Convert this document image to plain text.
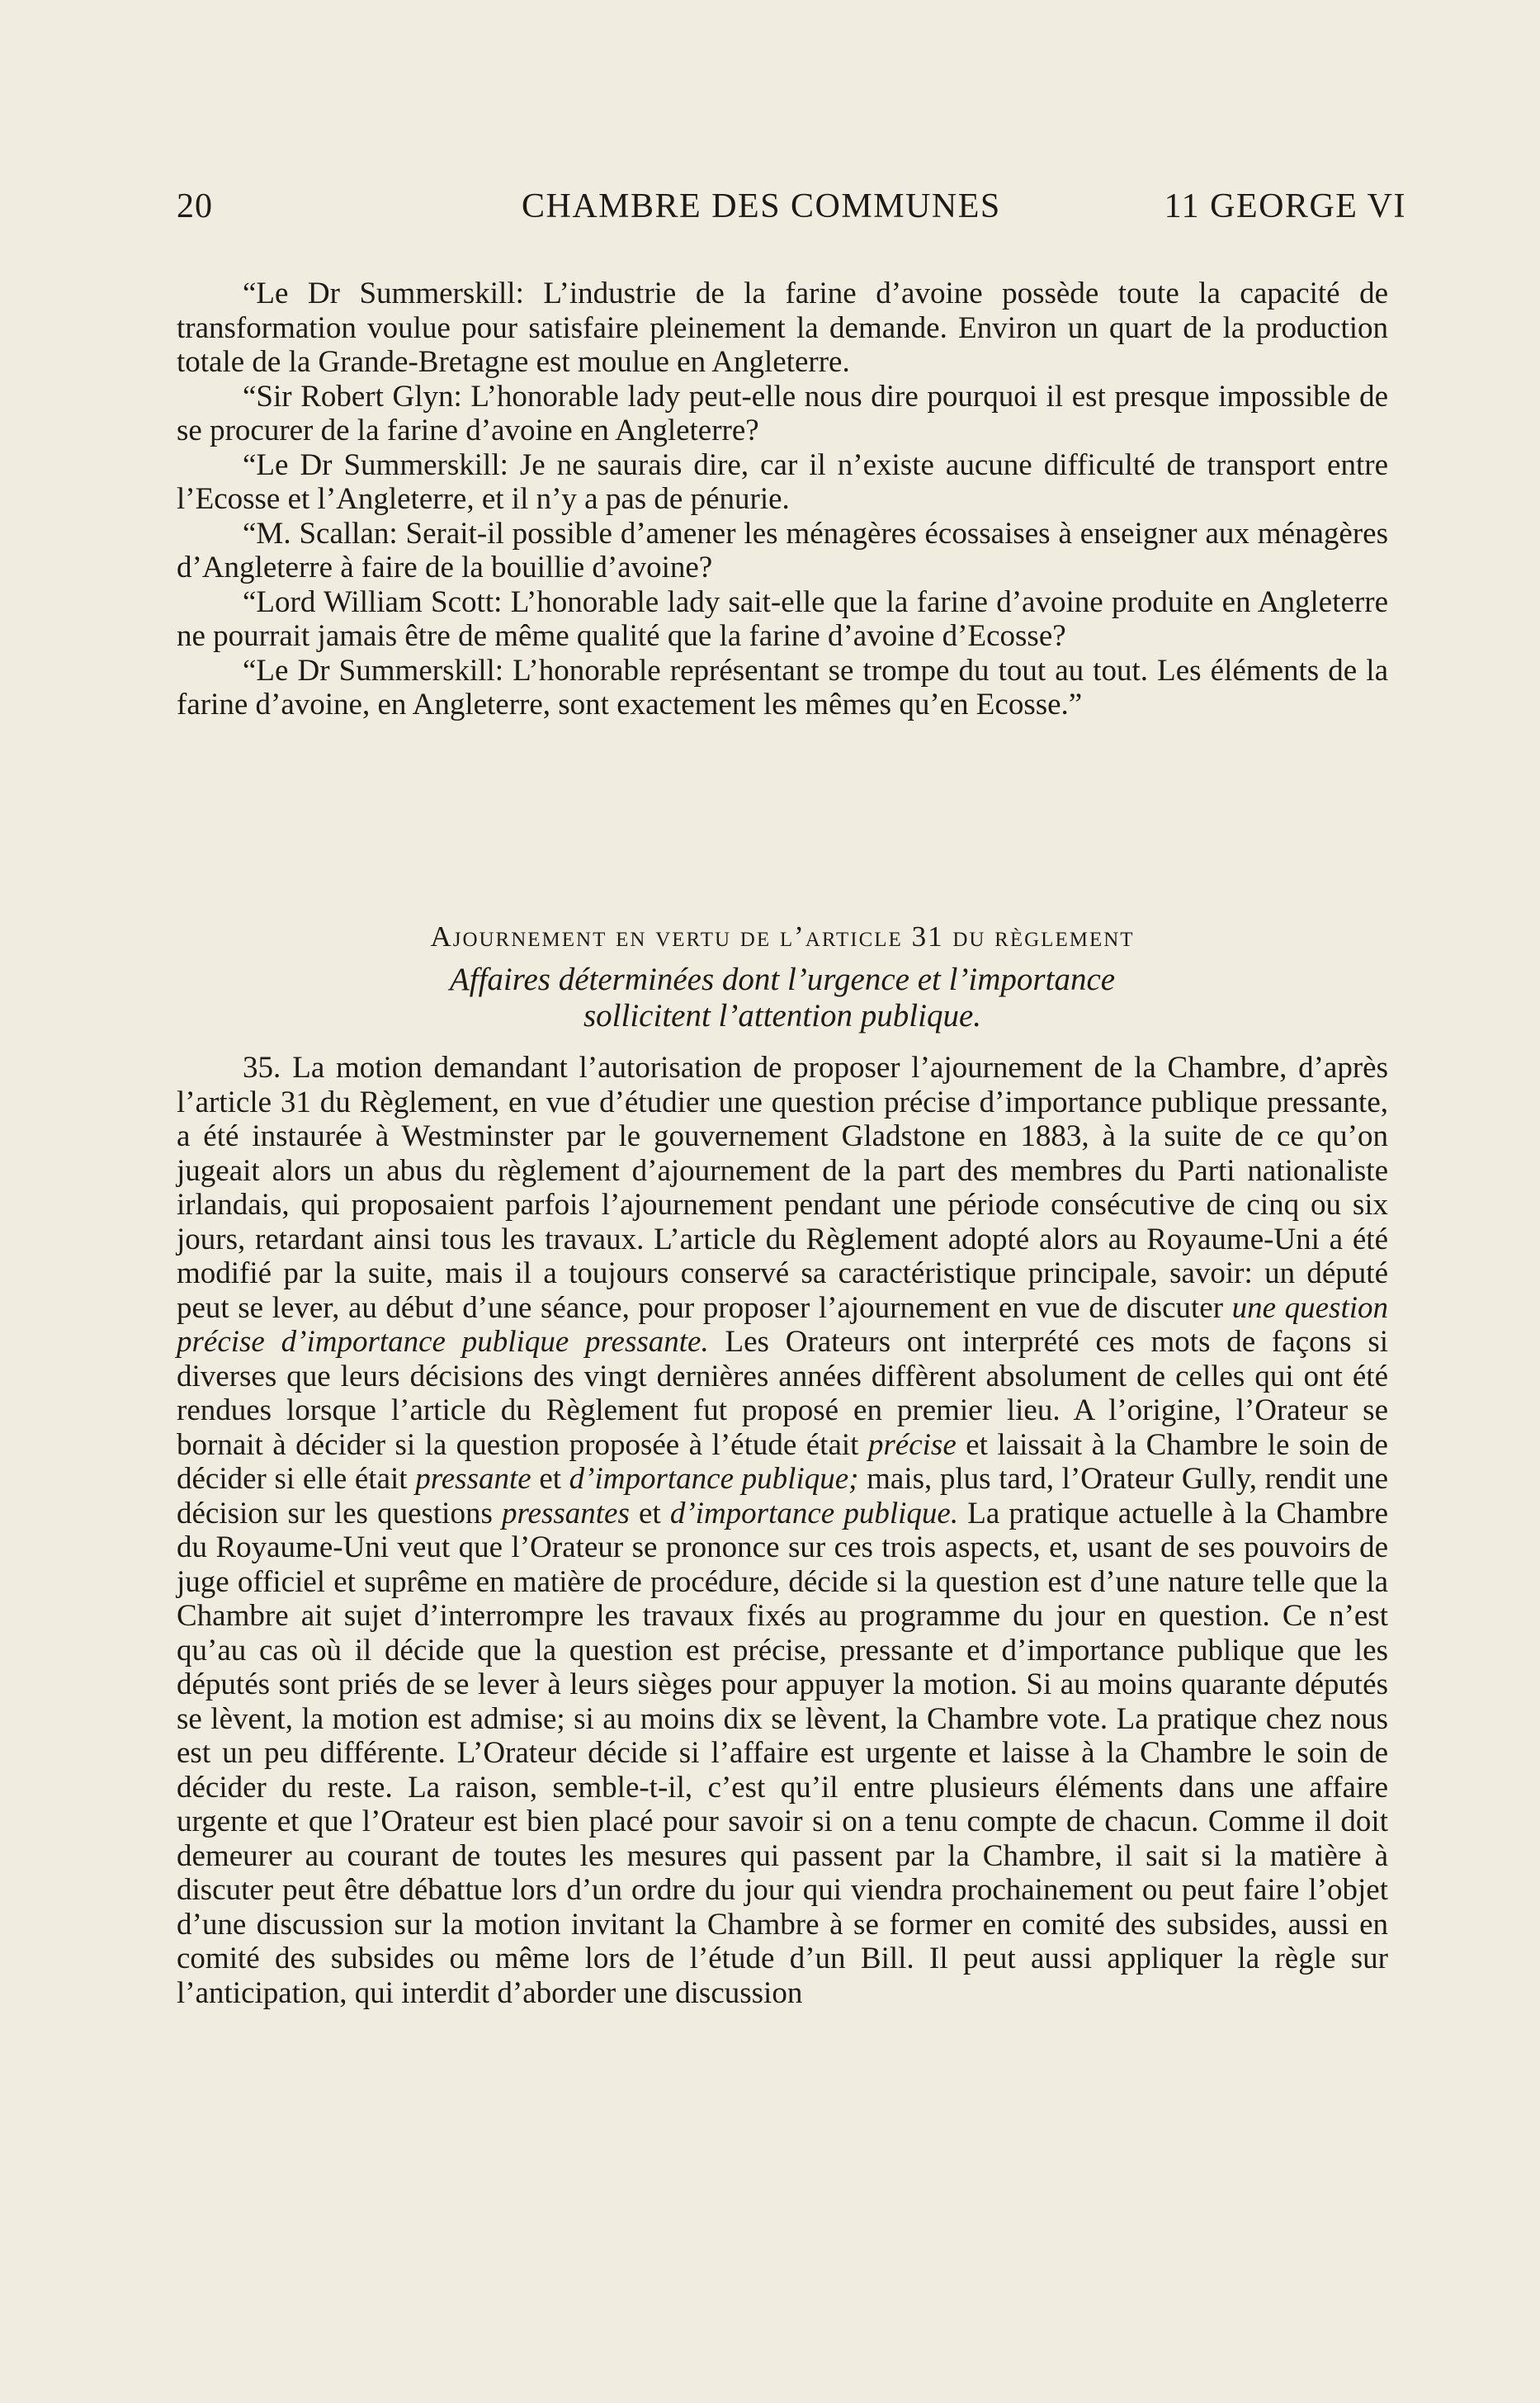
20	CHAMBRE DES COMMUNES	11 GEORGE VI

“Le Dr Summerskill: L’industrie de la farine d’avoine possède toute la capacité de transformation voulue pour satisfaire pleinement la demande. Environ un quart de la production totale de la Grande-Bretagne est moulue en Angleterre.

“Sir Robert Glyn: L’honorable lady peut-elle nous dire pourquoi il est presque impossible de se procurer de la farine d’avoine en Angleterre?

“Le Dr Summerskill: Je ne saurais dire, car il n’existe aucune difficulté de transport entre l’Ecosse et l’Angleterre, et il n’y a pas de pénurie.

“M. Scallan: Serait-il possible d’amener les ménagères écossaises à enseigner aux ménagères d’Angleterre à faire de la bouillie d’avoine?

“Lord William Scott: L’honorable lady sait-elle que la farine d’avoine produite en Angleterre ne pourrait jamais être de même qualité que la farine d’avoine d’Ecosse?

“Le Dr Summerskill: L’honorable représentant se trompe du tout au tout. Les éléments de la farine d’avoine, en Angleterre, sont exactement les mêmes qu’en Ecosse.”

Ajournement en vertu de l’article 31 du règlement
Affaires déterminées dont l’urgence et l’importance
sollicitent l’attention publique.

35. La motion demandant l’autorisation de proposer l’ajournement de la Chambre, d’après l’article 31 du Règlement, en vue d’étudier une question précise d’importance publique pressante, a été instaurée à Westminster par le gouvernement Gladstone en 1883, à la suite de ce qu’on jugeait alors un abus du règlement d’ajournement de la part des membres du Parti nationaliste irlandais, qui proposaient parfois l’ajournement pendant une période consécutive de cinq ou six jours, retardant ainsi tous les travaux. L’article du Règlement adopté alors au Royaume-Uni a été modifié par la suite, mais il a toujours conservé sa caractéristique principale, savoir: un député peut se lever, au début d’une séance, pour proposer l’ajournement en vue de discuter une question précise d’importance publique pressante. Les Orateurs ont interprété ces mots de façons si diverses que leurs décisions des vingt dernières années diffèrent absolument de celles qui ont été rendues lorsque l’article du Règlement fut proposé en premier lieu. A l’origine, l’Orateur se bornait à décider si la question proposée à l’étude était précise et laissait à la Chambre le soin de décider si elle était pressante et d’importance publique; mais, plus tard, l’Orateur Gully, rendit une décision sur les questions pressantes et d’importance publique. La pratique actuelle à la Chambre du Royaume-Uni veut que l’Orateur se prononce sur ces trois aspects, et, usant de ses pouvoirs de juge officiel et suprême en matière de procédure, décide si la question est d’une nature telle que la Chambre ait sujet d’interrompre les travaux fixés au programme du jour en question. Ce n’est qu’au cas où il décide que la question est précise, pressante et d’importance publique que les députés sont priés de se lever à leurs sièges pour appuyer la motion. Si au moins quarante députés se lèvent, la motion est admise; si au moins dix se lèvent, la Chambre vote. La pratique chez nous est un peu différente. L’Orateur décide si l’affaire est urgente et laisse à la Chambre le soin de décider du reste. La raison, semble-t-il, c’est qu’il entre plusieurs éléments dans une affaire urgente et que l’Orateur est bien placé pour savoir si on a tenu compte de chacun. Comme il doit demeurer au courant de toutes les mesures qui passent par la Chambre, il sait si la matière à discuter peut être débattue lors d’un ordre du jour qui viendra prochainement ou peut faire l’objet d’une discussion sur la motion invitant la Chambre à se former en comité des subsides, aussi en comité des subsides ou même lors de l’étude d’un Bill. Il peut aussi appliquer la règle sur l’anticipation, qui interdit d’aborder une discussion
